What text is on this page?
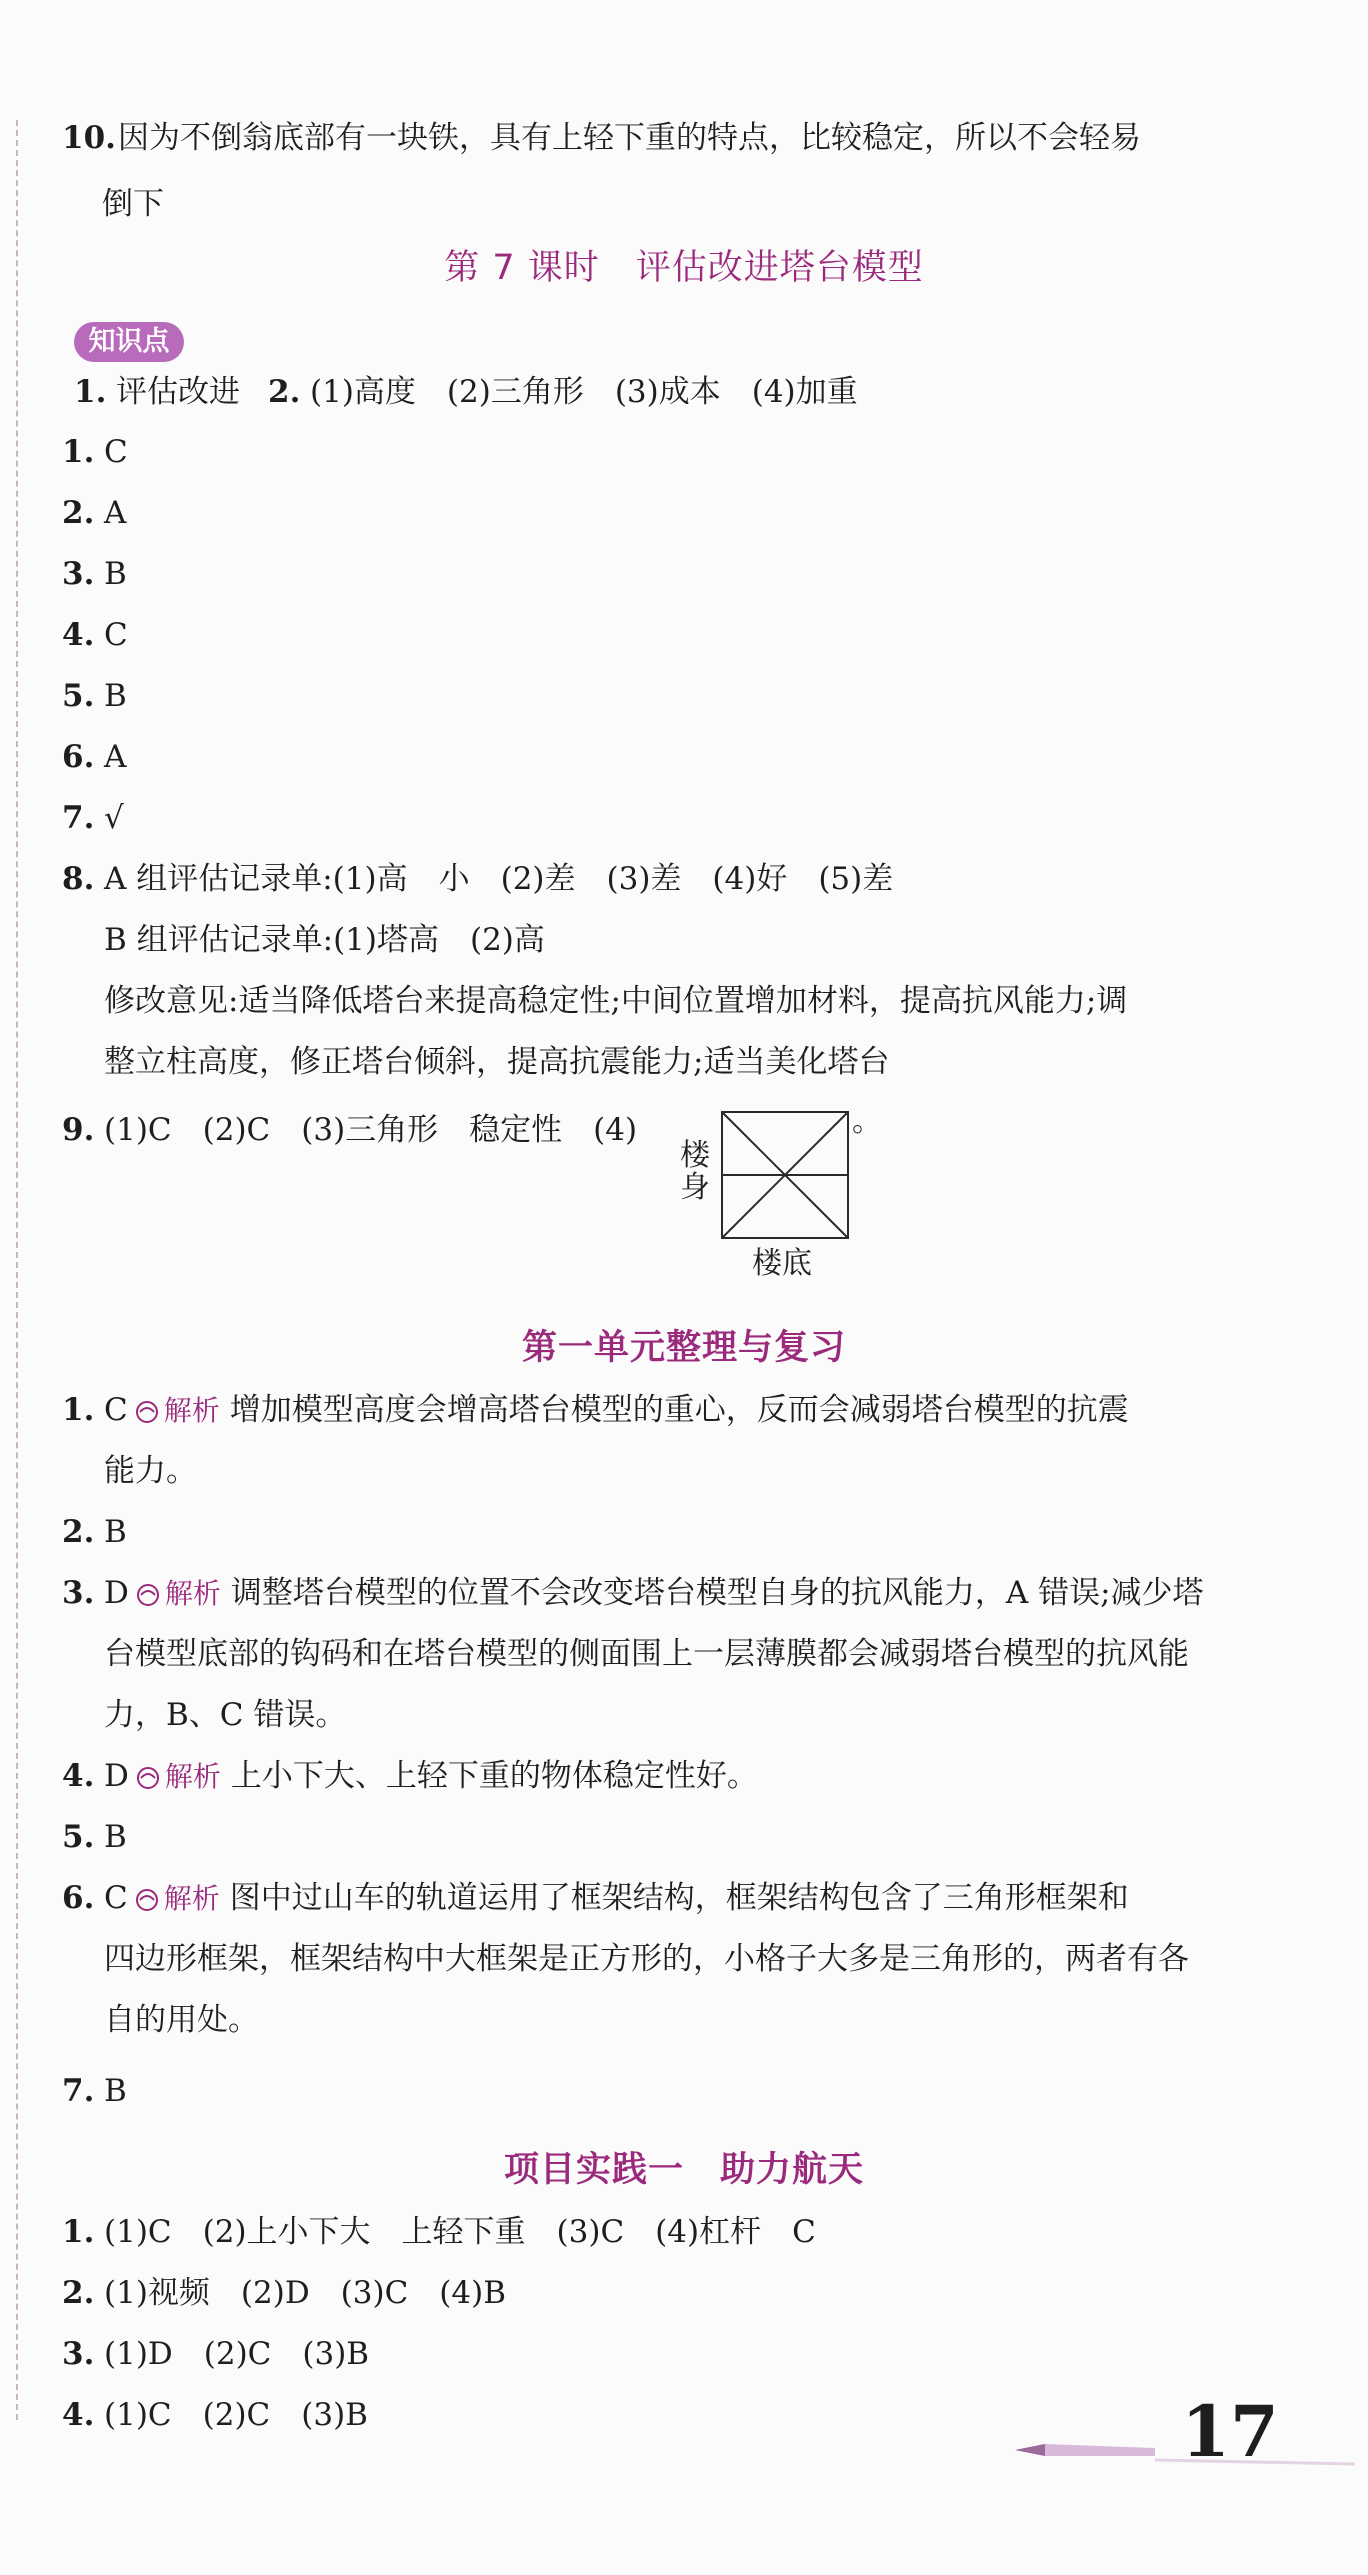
10.因为不倒翁底部有一块铁，具有上轻下重的特点，比较稳定，所以不会轻易
倒下
第 7 课时　评估改进塔台模型
知识点
1. 评估改进 2. (1)高度　(2)三角形　(3)成本　(4)加重
1. C
2. A
3. B
4. C
5. B
6. A
7. √
8. A 组评估记录单:(1)高　小　(2)差　(3)差　(4)好　(5)差
B 组评估记录单:(1)塔高　(2)高
修改意见:适当降低塔台来提高稳定性;中间位置增加材料，提高抗风能力;调
整立柱高度，修正塔台倾斜，提高抗震能力;适当美化塔台
9. (1)C　(2)C　(3)三角形　稳定性　(4)
楼身
楼底
。
第一单元整理与复习
1. C 解析 增加模型高度会增高塔台模型的重心，反而会减弱塔台模型的抗震
能力。
2. B
3. D 解析 调整塔台模型的位置不会改变塔台模型自身的抗风能力，A 错误;减少塔
台模型底部的钩码和在塔台模型的侧面围上一层薄膜都会减弱塔台模型的抗风能
力，B、C 错误。
4. D 解析 上小下大、上轻下重的物体稳定性好。
5. B
6. C 解析 图中过山车的轨道运用了框架结构，框架结构包含了三角形框架和
四边形框架，框架结构中大框架是正方形的，小格子大多是三角形的，两者有各
自的用处。
7. B
项目实践一　助力航天
1. (1)C　(2)上小下大　上轻下重　(3)C　(4)杠杆　C
2. (1)视频　(2)D　(3)C　(4)B
3. (1)D　(2)C　(3)B
4. (1)C　(2)C　(3)B	17
